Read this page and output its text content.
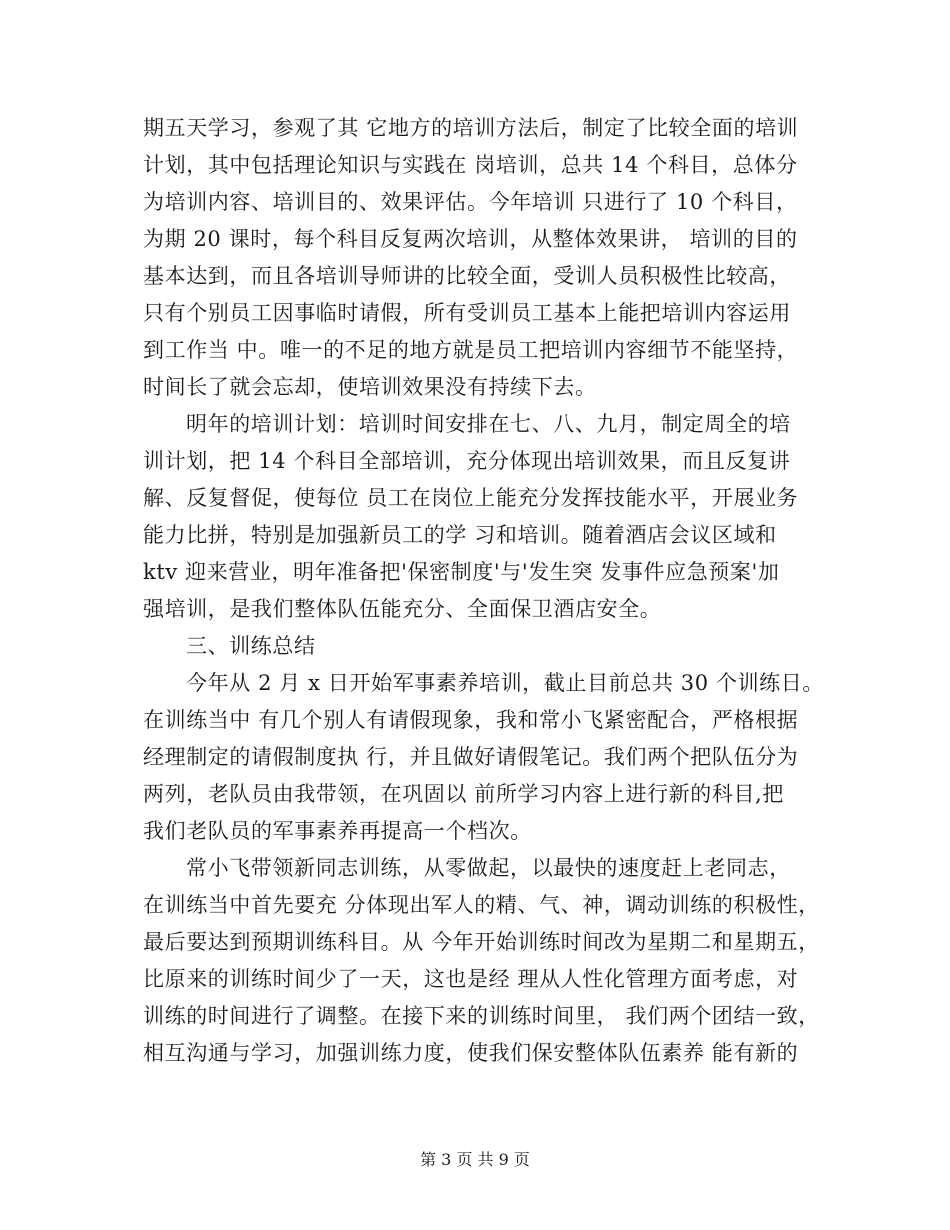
期五天学习，参观了其 它地方的培训方法后，制定了比较全面的培训
计划，其中包括理论知识与实践在 岗培训，总共 14 个科目，总体分
为培训内容、培训目的、效果评估。今年培训 只进行了 10 个科目，
为期 20 课时，每个科目反复两次培训，从整体效果讲， 培训的目的
基本达到，而且各培训导师讲的比较全面，受训人员积极性比较高，
只有个别员工因事临时请假，所有受训员工基本上能把培训内容运用
到工作当 中。唯一的不足的地方就是员工把培训内容细节不能坚持，
时间长了就会忘却，使培训效果没有持续下去。
明年的培训计划：培训时间安排在七、八、九月，制定周全的培
训计划，把 14 个科目全部培训，充分体现出培训效果，而且反复讲
解、反复督促，使每位 员工在岗位上能充分发挥技能水平，开展业务
能力比拼，特别是加强新员工的学 习和培训。随着酒店会议区域和
ktv 迎来营业，明年准备把'保密制度'与'发生突 发事件应急预案'加
强培训，是我们整体队伍能充分、全面保卫酒店安全。
三、训练总结
今年从 2 月 x 日开始军事素养培训，截止目前总共 30 个训练日。
在训练当中 有几个别人有请假现象，我和常小飞紧密配合，严格根据
经理制定的请假制度执 行，并且做好请假笔记。我们两个把队伍分为
两列，老队员由我带领，在巩固以 前所学习内容上进行新的科目,把
我们老队员的军事素养再提高一个档次。
常小飞带领新同志训练，从零做起，以最快的速度赶上老同志，
在训练当中首先要充 分体现出军人的精、气、神，调动训练的积极性，
最后要达到预期训练科目。从 今年开始训练时间改为星期二和星期五，
比原来的训练时间少了一天，这也是经 理从人性化管理方面考虑，对
训练的时间进行了调整。在接下来的训练时间里， 我们两个团结一致，
相互沟通与学习，加强训练力度，使我们保安整体队伍素养 能有新的
第 3 页 共 9 页
